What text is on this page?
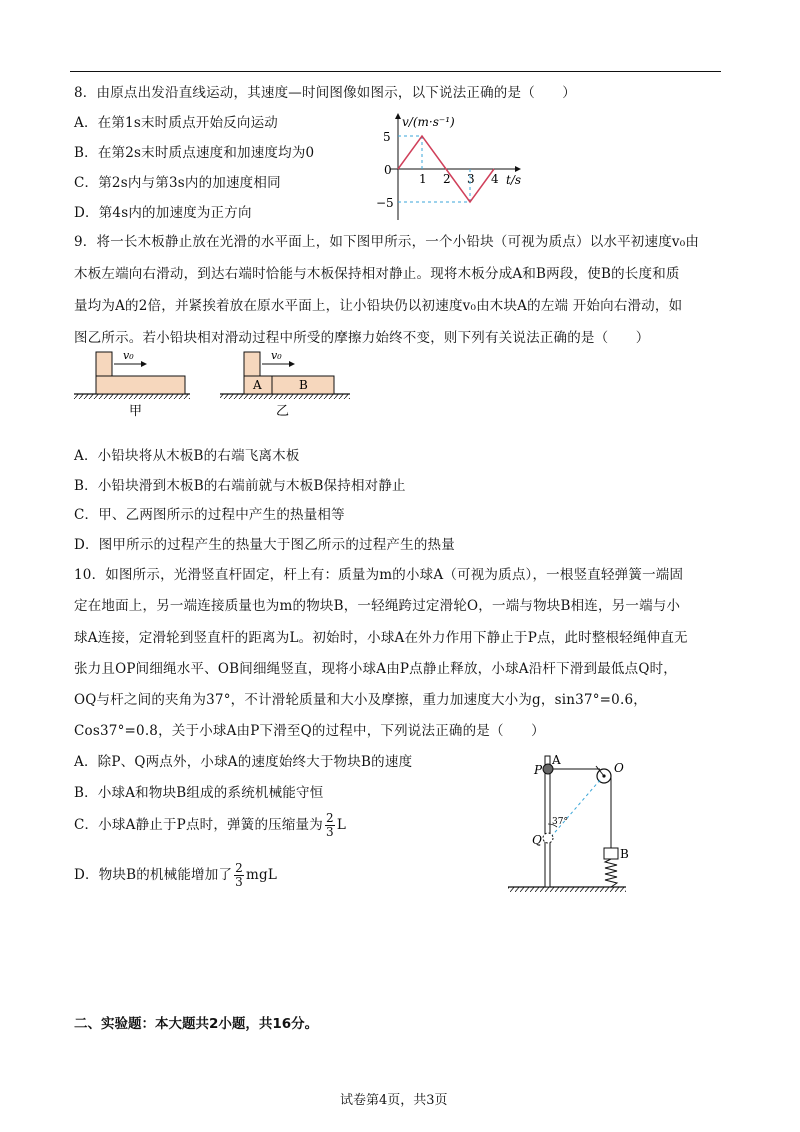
8．由原点出发沿直线运动，其速度—时间图像如图示，以下说法正确的是（　　）
A．在第1s末时质点开始反向运动
B．在第2s末时质点速度和加速度均为0
C．第2s内与第3s内的加速度相同
D．第4s内的加速度为正方向
v/(m·s⁻¹)
t/s
5
0
−5
1 2 3 4
9．将一长木板静止放在光滑的水平面上，如下图甲所示，一个小铅块（可视为质点）以水平初速度v₀由
木板左端向右滑动，到达右端时恰能与木板保持相对静止。现将木板分成A和B两段，使B的长度和质
量均为A的2倍，并紧挨着放在原水平面上，让小铅块仍以初速度v₀由木块A的左端 开始向右滑动，如
图乙所示。若小铅块相对滑动过程中所受的摩擦力始终不变，则下列有关说法正确的是（　　）
v₀
甲
v₀
A	B
乙
A．小铅块将从木板B的右端飞离木板
B．小铅块滑到木板B的右端前就与木板B保持相对静止
C．甲、乙两图所示的过程中产生的热量相等
D．图甲所示的过程产生的热量大于图乙所示的过程产生的热量
10．如图所示，光滑竖直杆固定，杆上有：质量为m的小球A（可视为质点），一根竖直轻弹簧一端固
定在地面上，另一端连接质量也为m的物块B，一轻绳跨过定滑轮O，一端与物块B相连，另一端与小
球A连接，定滑轮到竖直杆的距离为L。初始时，小球A在外力作用下静止于P点，此时整根轻绳伸直无
张力且OP间细绳水平、OB间细绳竖直，现将小球A由P点静止释放，小球A沿杆下滑到最低点Q时，
OQ与杆之间的夹角为37°，不计滑轮质量和大小及摩擦，重力加速度大小为g，sin37°=0.6，
Cos37°=0.8，关于小球A由P下滑至Q的过程中，下列说法正确的是（　　）
A．除P、Q两点外，小球A的速度始终大于物块B的速度
B．小球A和物块B组成的系统机械能守恒
C．小球A静止于P点时，弹簧的压缩量为 $\frac{2}{3}$ L
D．物块B的机械能增加了 $\frac{2}{3}$ mgL
P
A
O
Q
37°
B
二、实验题：本大题共2小题，共16分。
试卷第4页，共3页
